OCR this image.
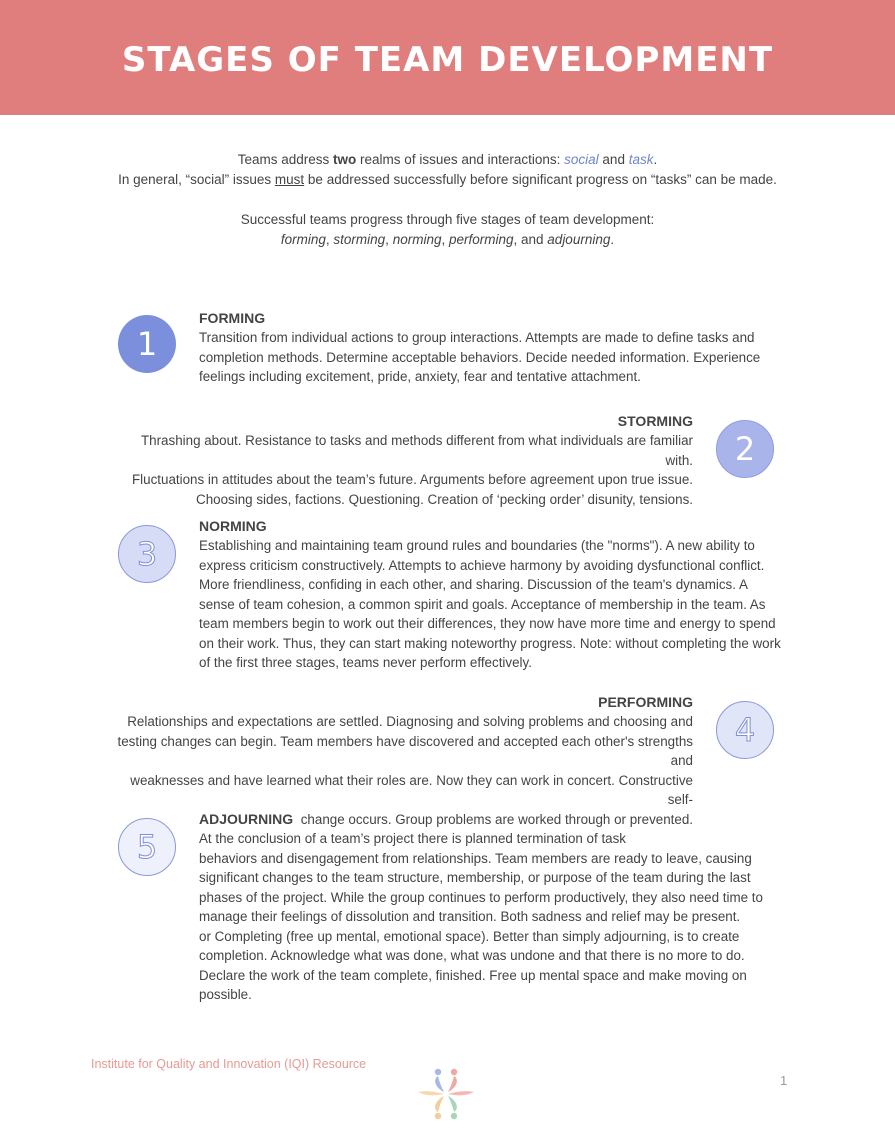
STAGES OF TEAM DEVELOPMENT
Teams address two realms of issues and interactions: social and task.
In general, “social” issues must be addressed successfully before significant progress on “tasks” can be made.
Successful teams progress through five stages of team development:
forming, storming, norming, performing, and adjourning.
1
FORMING
Transition from individual actions to group interactions. Attempts are made to define tasks and completion methods. Determine acceptable behaviors. Decide needed information. Experience feelings including excitement, pride, anxiety, fear and tentative attachment.
2
STORMING
Thrashing about. Resistance to tasks and methods different from what individuals are familiar with.
Fluctuations in attitudes about the team’s future. Arguments before agreement upon true issue.
Choosing sides, factions. Questioning. Creation of ‘pecking order’ disunity, tensions.
3
NORMING
Establishing and maintaining team ground rules and boundaries (the "norms"). A new ability to express criticism constructively. Attempts to achieve harmony by avoiding dysfunctional conflict. More friendliness, confiding in each other, and sharing. Discussion of the team's dynamics. A sense of team cohesion, a common spirit and goals. Acceptance of membership in the team. As team members begin to work out their differences, they now have more time and energy to spend on their work. Thus, they can start making noteworthy progress. Note: without completing the work of the first three stages, teams never perform effectively.
4
PERFORMING
Relationships and expectations are settled. Diagnosing and solving problems and choosing and
testing changes can begin. Team members have discovered and accepted each other's strengths and
weaknesses and have learned what their roles are. Now they can work in concert. Constructive self-
change occurs. Group problems are worked through or prevented.
5
ADJOURNING
At the conclusion of a team’s project there is planned termination of task
behaviors and disengagement from relationships. Team members are ready to leave, causing significant changes to the team structure, membership, or purpose of the team during the last phases of the project. While the group continues to perform productively, they also need time to manage their feelings of dissolution and transition. Both sadness and relief may be present.
or Completing (free up mental, emotional space). Better than simply adjourning, is to create completion. Acknowledge what was done, what was undone and that there is no more to do. Declare the work of the team complete, finished. Free up mental space and make moving on possible.
Institute for Quality and Innovation (IQI) Resource
1
